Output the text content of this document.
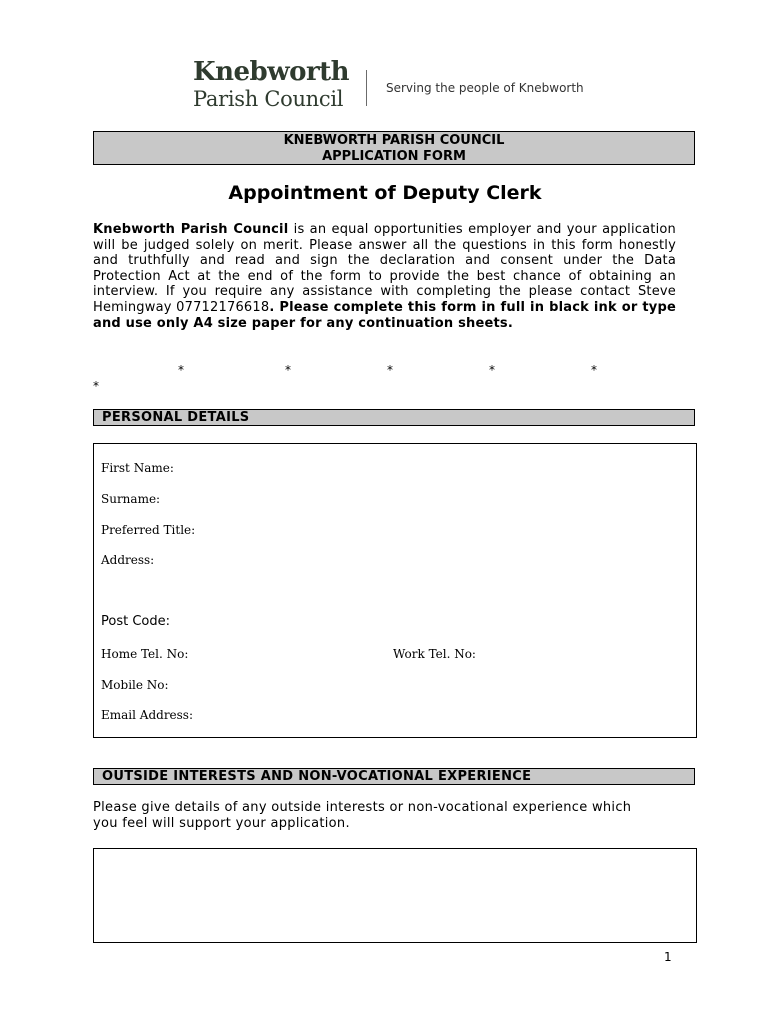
Knebworth
Parish Council	Serving the people of Knebworth
KNEBWORTH PARISH COUNCIL
APPLICATION FORM
Appointment of Deputy Clerk
Knebworth Parish Council is an equal opportunities employer and your application will be judged solely on merit. Please answer all the questions in this form honestly and truthfully and read and sign the declaration and consent under the Data Protection Act at the end of the form to provide the best chance of obtaining an interview. If you require any assistance with completing the please contact Steve Hemingway 07712176618. Please complete this form in full in black ink or type and use only A4 size paper for any continuation sheets.
*	*	*	*	*
*
PERSONAL DETAILS
First Name:
Surname:
Preferred Title:
Address:
Post Code:
Home Tel. No:	Work Tel. No:
Mobile No:
Email Address:
OUTSIDE INTERESTS AND NON-VOCATIONAL EXPERIENCE
Please give details of any outside interests or non-vocational experience which
you feel will support your application.
1
